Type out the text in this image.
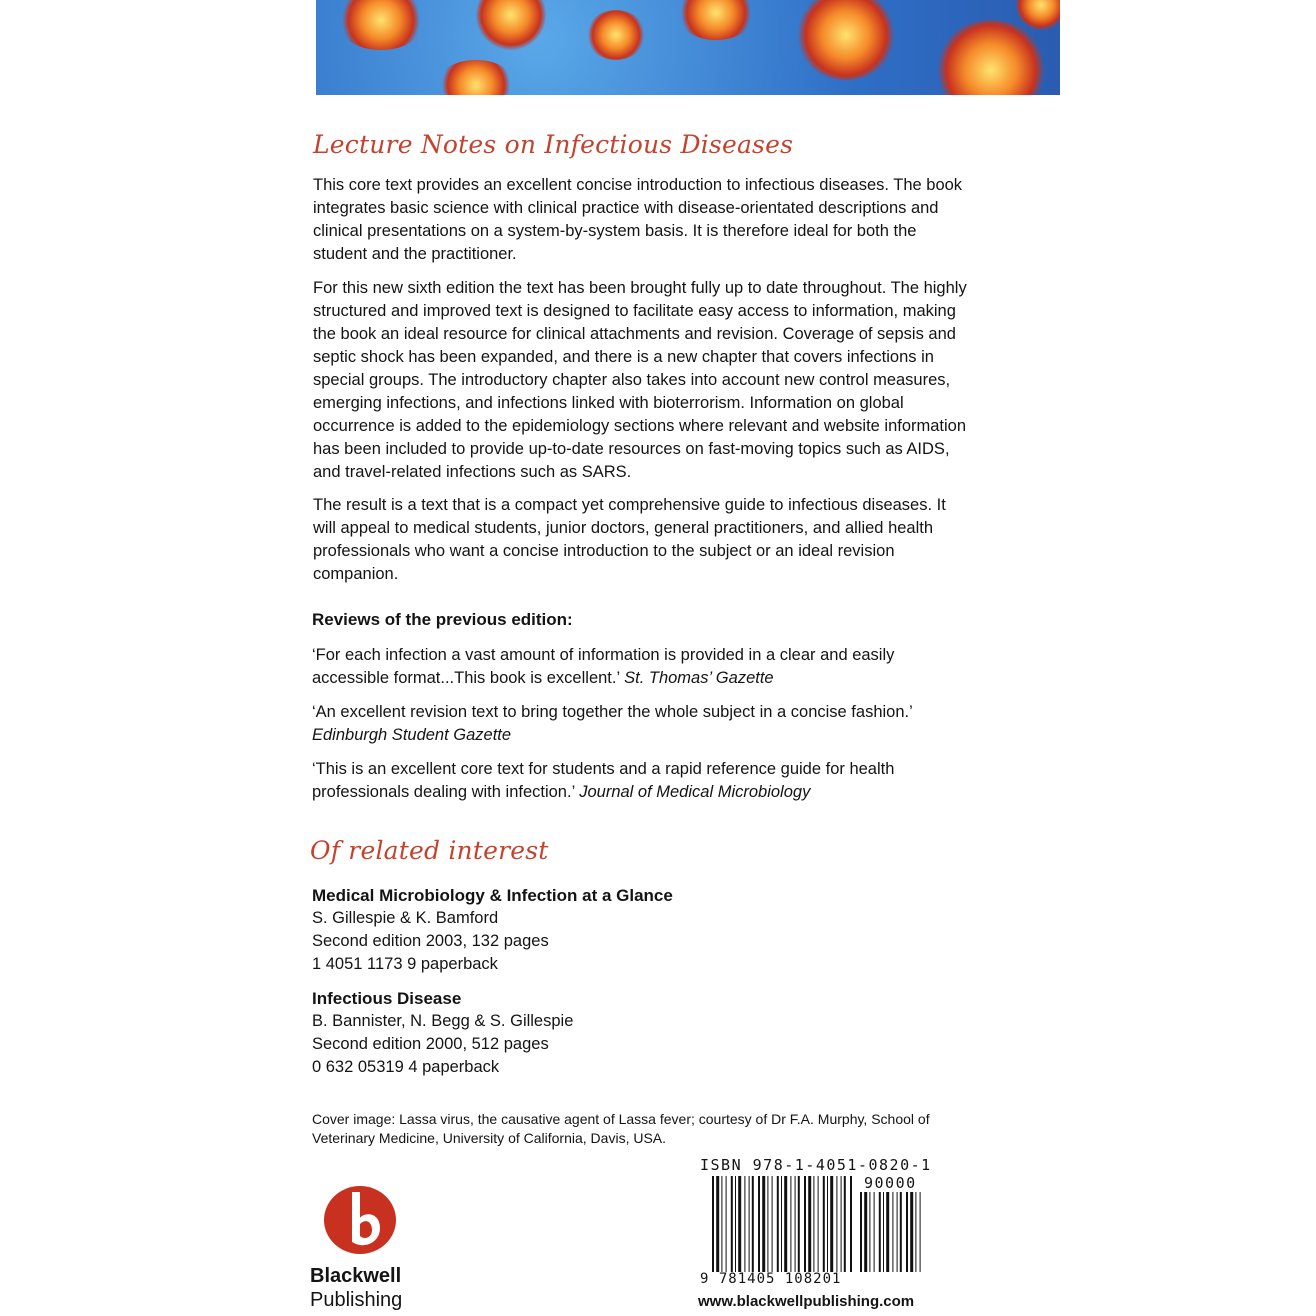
Lecture Notes on Infectious Diseases

This core text provides an excellent concise introduction to infectious diseases. The book integrates basic science with clinical practice with disease-orientated descriptions and clinical presentations on a system-by-system basis. It is therefore ideal for both the student and the practitioner.

For this new sixth edition the text has been brought fully up to date throughout. The highly structured and improved text is designed to facilitate easy access to information, making the book an ideal resource for clinical attachments and revision. Coverage of sepsis and septic shock has been expanded, and there is a new chapter that covers infections in special groups. The introductory chapter also takes into account new control measures, emerging infections, and infections linked with bioterrorism. Information on global occurrence is added to the epidemiology sections where relevant and website information has been included to provide up-to-date resources on fast-moving topics such as AIDS, and travel-related infections such as SARS.

The result is a text that is a compact yet comprehensive guide to infectious diseases. It will appeal to medical students, junior doctors, general practitioners, and allied health professionals who want a concise introduction to the subject or an ideal revision companion.

Reviews of the previous edition:

‘For each infection a vast amount of information is provided in a clear and easily accessible format...This book is excellent.’ St. Thomas’ Gazette

‘An excellent revision text to bring together the whole subject in a concise fashion.’
Edinburgh Student Gazette

‘This is an excellent core text for students and a rapid reference guide for health professionals dealing with infection.’ Journal of Medical Microbiology

Of related interest
Medical Microbiology & Infection at a Glance
S. Gillespie & K. Bamford
Second edition 2003, 132 pages
1 4051 1173 9 paperback
Infectious Disease
B. Bannister, N. Begg & S. Gillespie
Second edition 2000, 512 pages
0 632 05319 4 paperback

Cover image: Lassa virus, the causative agent of Lassa fever; courtesy of Dr F.A. Murphy, School of Veterinary Medicine, University of California, Davis, USA.

Blackwell
Publishing
ISBN 978-1-4051-0820-1
90000
9 781405 108201
www.blackwellpublishing.com
